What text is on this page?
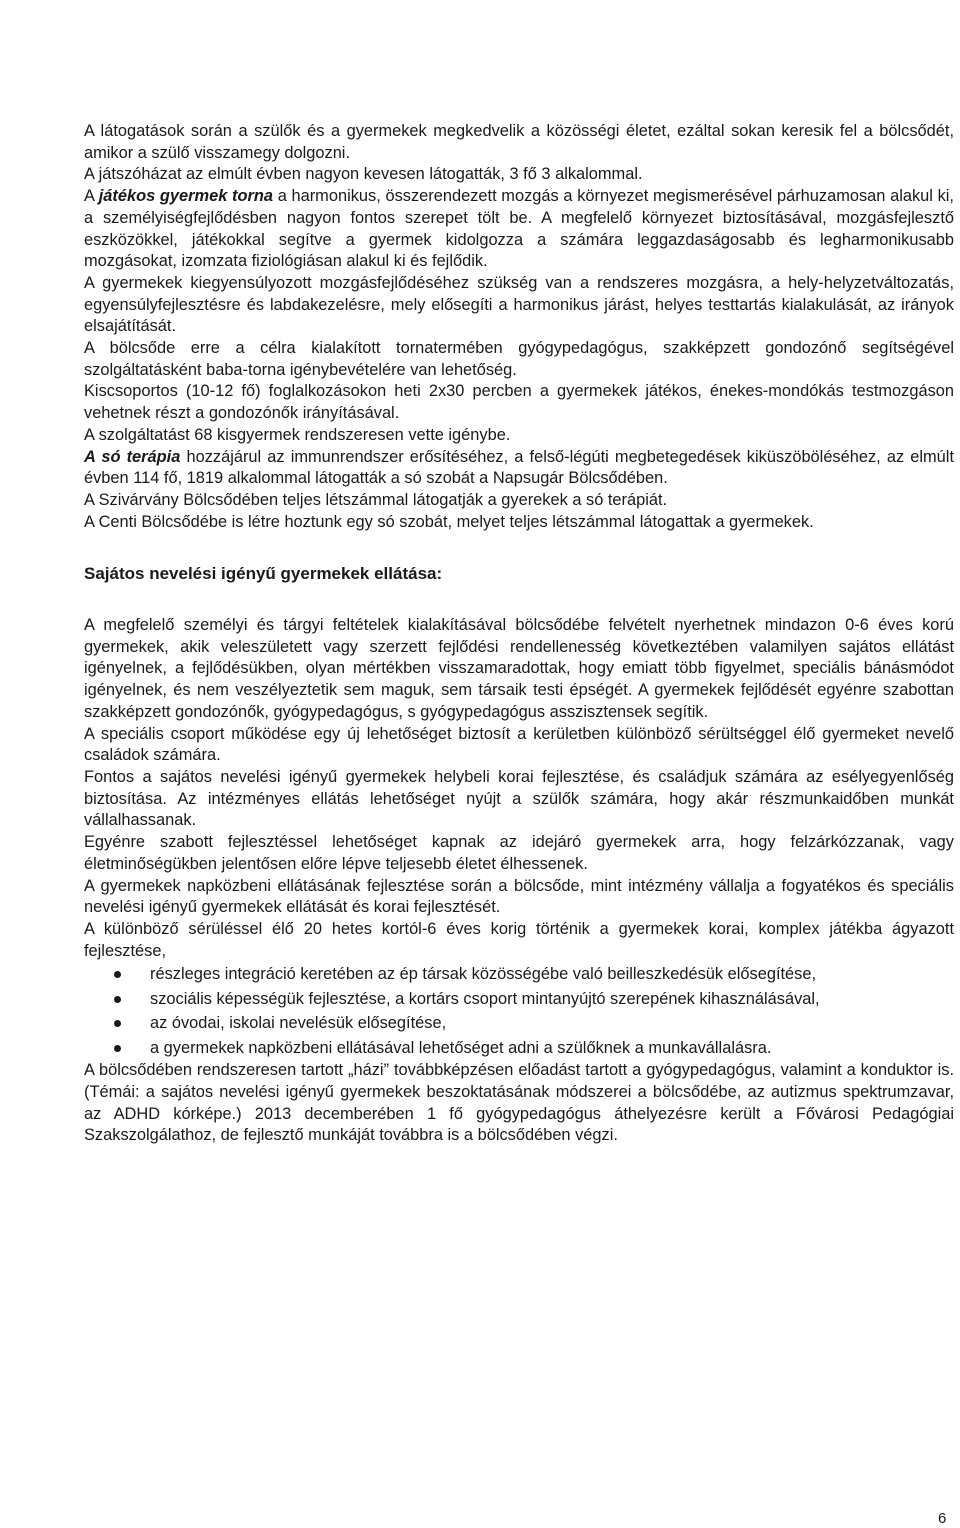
A látogatások során a szülők és a gyermekek megkedvelik a közösségi életet, ezáltal sokan keresik fel a bölcsődét, amikor a szülő visszamegy dolgozni.

A játszóházat az elmúlt évben nagyon kevesen látogatták, 3 fő 3 alkalommal.

A játékos gyermek torna a harmonikus, összerendezett mozgás a környezet megismerésével párhuzamosan alakul ki, a személyiségfejlődésben nagyon fontos szerepet tölt be. A megfelelő környezet biztosításával, mozgásfejlesztő eszközökkel, játékokkal segítve a gyermek kidolgozza a számára leggazdaságosabb és legharmonikusabb mozgásokat, izomzata fiziológiásan alakul ki és fejlődik.

A gyermekek kiegyensúlyozott mozgásfejlődéséhez szükség van a rendszeres mozgásra, a hely-helyzetváltozatás, egyensúlyfejlesztésre és labdakezelésre, mely elősegíti a harmonikus járást, helyes testtartás kialakulását, az irányok elsajátítását.

A bölcsőde erre a célra kialakított tornatermében gyógypedagógus, szakképzett gondozónő segítségével szolgáltatásként baba-torna igénybevételére van lehetőség.

Kiscsoportos (10-12 fő) foglalkozásokon heti 2x30 percben a gyermekek játékos, énekes-mondókás testmozgáson vehetnek részt a gondozónők irányításával.

A szolgáltatást 68 kisgyermek rendszeresen vette igénybe.

A só terápia hozzájárul az immunrendszer erősítéséhez, a felső-légúti megbetegedések kiküszöböléséhez, az elmúlt évben 114 fő, 1819 alkalommal látogatták a só szobát a Napsugár Bölcsődében.

A Szivárvány Bölcsődében teljes létszámmal látogatják a gyerekek a só terápiát.

A Centi Bölcsődébe is létre hoztunk egy só szobát, melyet teljes létszámmal látogattak a gyermekek.

Sajátos nevelési igényű gyermekek ellátása:

A megfelelő személyi és tárgyi feltételek kialakításával bölcsődébe felvételt nyerhetnek mindazon 0-6 éves korú gyermekek, akik veleszületett vagy szerzett fejlődési rendellenesség következtében valamilyen sajátos ellátást igényelnek, a fejlődésükben, olyan mértékben visszamaradottak, hogy emiatt több figyelmet, speciális bánásmódot igényelnek, és nem veszélyeztetik sem maguk, sem társaik testi épségét. A gyermekek fejlődését egyénre szabottan szakképzett gondozónők, gyógypedagógus, s gyógypedagógus asszisztensek segítik.

A speciális csoport működése egy új lehetőséget biztosít a kerületben különböző sérültséggel élő gyermeket nevelő családok számára.

Fontos a sajátos nevelési igényű gyermekek helybeli korai fejlesztése, és családjuk számára az esélyegyenlőség biztosítása. Az intézményes ellátás lehetőséget nyújt a szülők számára, hogy akár részmunkaidőben munkát vállalhassanak.

Egyénre szabott fejlesztéssel lehetőséget kapnak az idejáró gyermekek arra, hogy felzárkózzanak, vagy életminőségükben jelentősen előre lépve teljesebb életet élhessenek.

A gyermekek napközbeni ellátásának fejlesztése során a bölcsőde, mint intézmény vállalja a fogyatékos és speciális nevelési igényű gyermekek ellátását és korai fejlesztését.

A különböző sérüléssel élő 20 hetes kortól-6 éves korig történik a gyermekek korai, komplex játékba ágyazott fejlesztése,

részleges integráció keretében az ép társak közösségébe való beilleszkedésük elősegítése,
szociális képességük fejlesztése, a kortárs csoport mintanyújtó szerepének kihasználásával,
az óvodai, iskolai nevelésük elősegítése,
a gyermekek napközbeni ellátásával lehetőséget adni a szülőknek a munkavállalásra.

A bölcsődében rendszeresen tartott „házi” továbbképzésen előadást tartott a gyógypedagógus, valamint a konduktor is. (Témái: a sajátos nevelési igényű gyermekek beszoktatásának módszerei a bölcsődébe, az autizmus spektrumzavar, az ADHD kórképe.) 2013 decemberében 1 fő gyógypedagógus áthelyezésre került a Fővárosi Pedagógiai Szakszolgálathoz, de fejlesztő munkáját továbbra is a bölcsődében végzi.

6
